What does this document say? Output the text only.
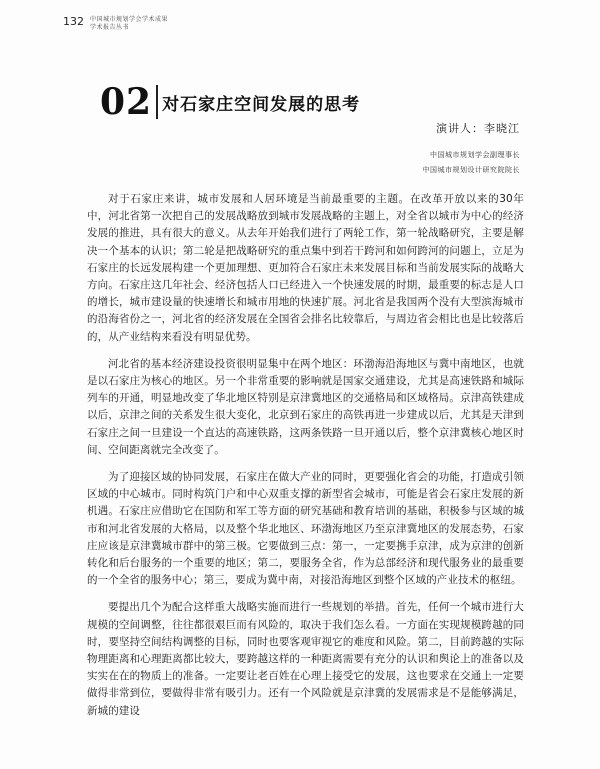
132 中国城市规划学会学术成果
学术报告丛书
02 对石家庄空间发展的思考
演讲人：李晓江
中国城市规划学会副理事长
中国城市规划设计研究院院长

对于石家庄来讲，城市发展和人居环境是当前最重要的主题。在改革开放以来的30年中，河北省第一次把自己的发展战略放到城市发展战略的主题上，对全省以城市为中心的经济发展的推进，具有很大的意义。从去年开始我们进行了两轮工作，第一轮战略研究，主要是解决一个基本的认识；第二轮是把战略研究的重点集中到若干跨河和如何跨河的问题上，立足为石家庄的长远发展构建一个更加理想、更加符合石家庄未来发展目标和当前发展实际的战略大方向。石家庄这几年社会、经济包括人口已经进入一个快速发展的时期，最重要的标志是人口的增长，城市建设量的快速增长和城市用地的快速扩展。河北省是我国两个没有大型滨海城市的沿海省份之一，河北省的经济发展在全国省会排名比较靠后，与周边省会相比也是比较落后的，从产业结构来看没有明显优势。

河北省的基本经济建设投资很明显集中在两个地区：环渤海沿海地区与冀中南地区，也就是以石家庄为核心的地区。另一个非常重要的影响就是国家交通建设，尤其是高速铁路和城际列车的开通，明显地改变了华北地区特别是京津冀地区的交通格局和区域格局。京津高铁建成以后，京津之间的关系发生很大变化，北京到石家庄的高铁再进一步建成以后，尤其是天津到石家庄之间一旦建设一个直达的高速铁路，这两条铁路一旦开通以后，整个京津冀核心地区时间、空间距离就完全改变了。

为了迎接区域的协同发展，石家庄在做大产业的同时，更要强化省会的功能，打造成引领区域的中心城市。同时构筑门户和中心双重支撑的新型省会城市，可能是省会石家庄发展的新机遇。石家庄应借助它在国防和军工等方面的研究基础和教育培训的基础，积极参与区域的城市和河北省发展的大格局，以及整个华北地区、环渤海地区乃至京津冀地区的发展态势，石家庄应该是京津冀城市群中的第三极。它要做到三点：第一，一定要携手京津，成为京津的创新转化和后台服务的一个重要的地区；第二，要服务全省，作为总部经济和现代服务业的最重要的一个全省的服务中心；第三，要成为冀中南，对接沿海地区到整个区域的产业技术的枢纽。

要提出几个为配合这样重大战略实施而进行一些规划的举措。首先，任何一个城市进行大规模的空间调整，往往都很艰巨而有风险的，取决于我们怎么看。一方面在实现规模跨越的同时，要坚持空间结构调整的目标，同时也要客观审视它的难度和风险。第二，目前跨越的实际物理距离和心理距离都比较大，要跨越这样的一种距离需要有充分的认识和舆论上的准备以及实实在在的物质上的准备。一定要让老百姓在心理上接受它的发展，这也要求在交通上一定要做得非常到位，要做得非常有吸引力。还有一个风险就是京津冀的发展需求是不是能够满足，新城的建设
